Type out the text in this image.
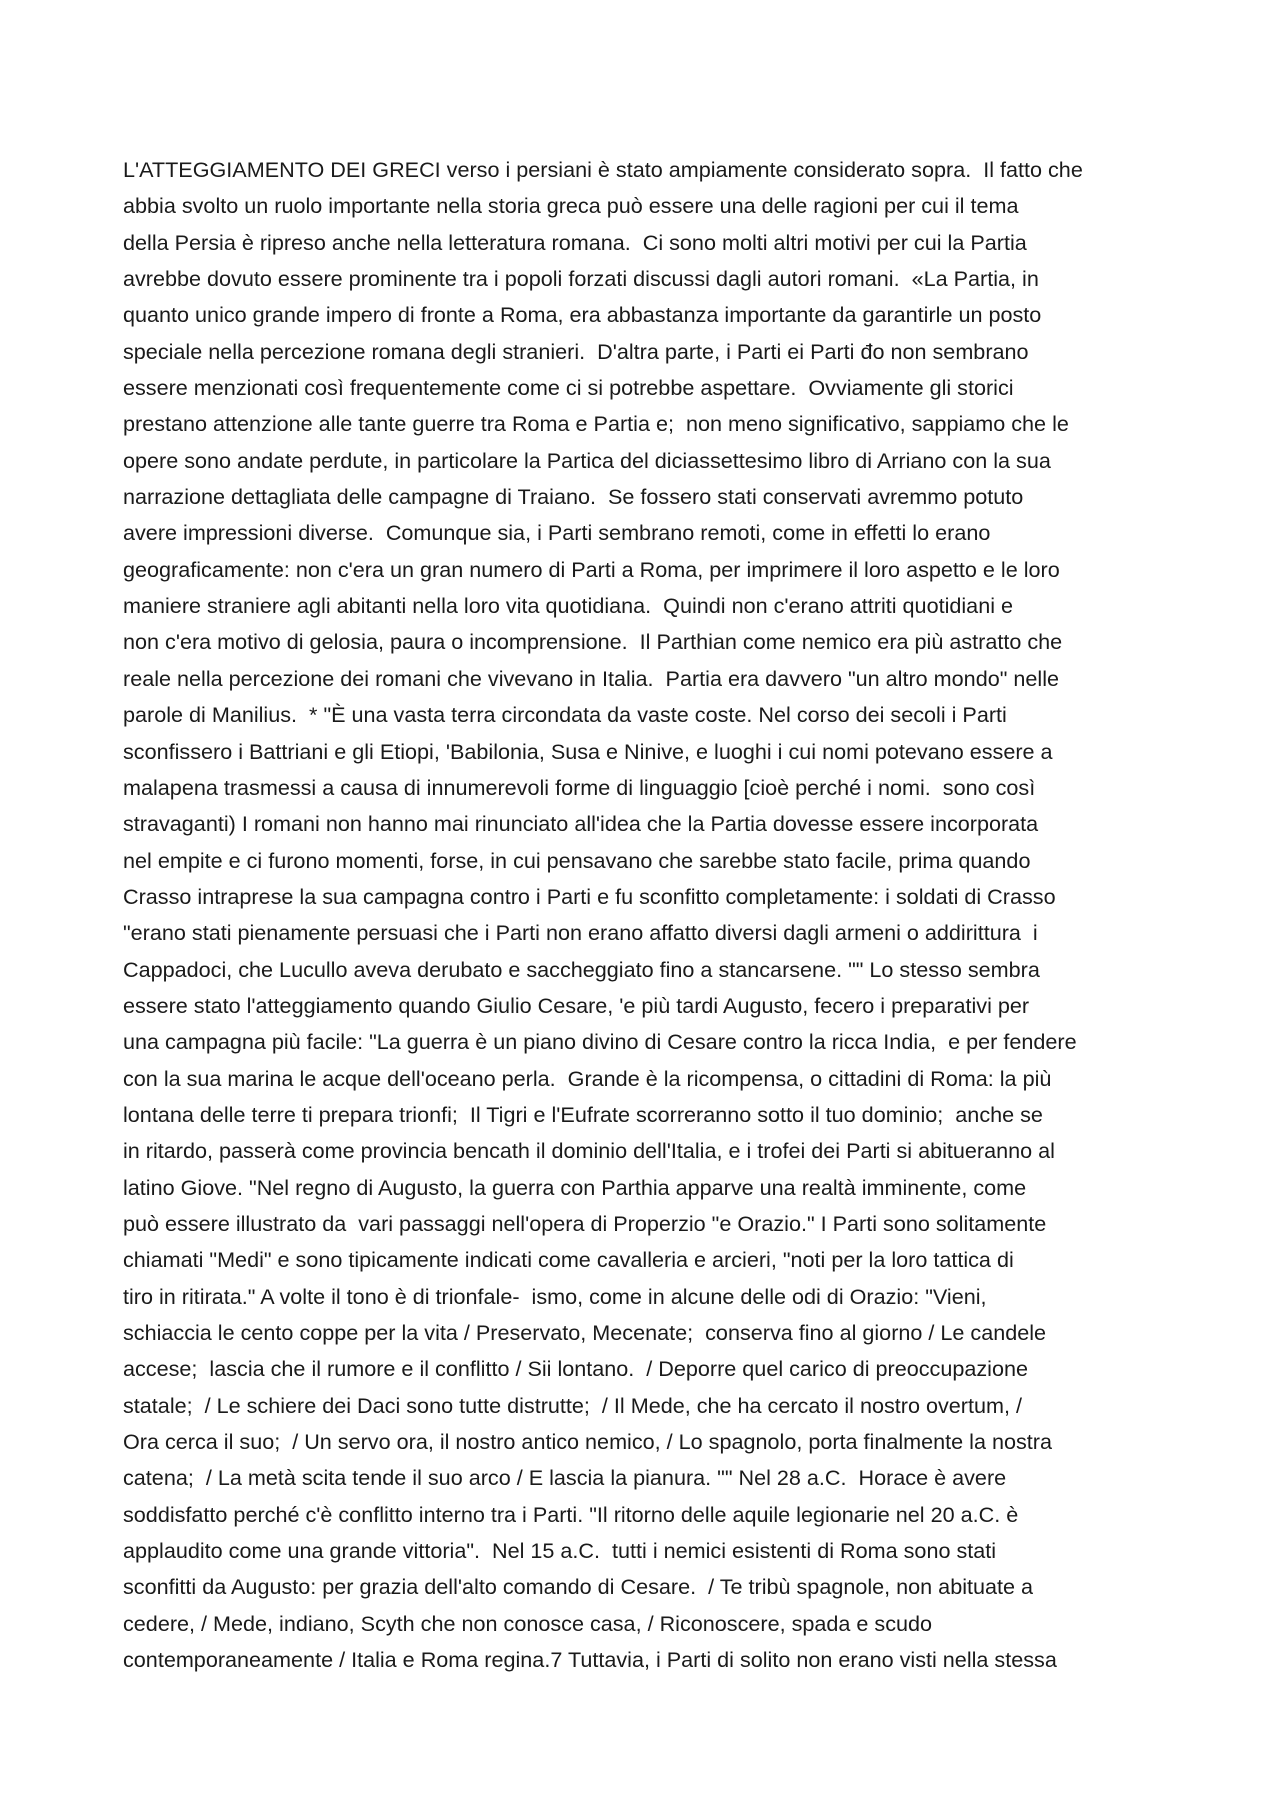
L'ATTEGGIAMENTO DEI GRECI verso i persiani è stato ampiamente considerato sopra.  Il fatto che
abbia svolto un ruolo importante nella storia greca può essere una delle ragioni per cui il tema
della Persia è ripreso anche nella letteratura romana.  Ci sono molti altri motivi per cui la Partia
avrebbe dovuto essere prominente tra i popoli forzati discussi dagli autori romani.  «La Partia, in
quanto unico grande impero di fronte a Roma, era abbastanza importante da garantirle un posto
speciale nella percezione romana degli stranieri.  D'altra parte, i Parti ei Parti đo non sembrano
essere menzionati così frequentemente come ci si potrebbe aspettare.  Ovviamente gli storici
prestano attenzione alle tante guerre tra Roma e Partia e;  non meno significativo, sappiamo che le
opere sono andate perdute, in particolare la Partica del diciassettesimo libro di Arriano con la sua
narrazione dettagliata delle campagne di Traiano.  Se fossero stati conservati avremmo potuto
avere impressioni diverse.  Comunque sia, i Parti sembrano remoti, come in effetti lo erano
geograficamente: non c'era un gran numero di Parti a Roma, per imprimere il loro aspetto e le loro
maniere straniere agli abitanti nella loro vita quotidiana.  Quindi non c'erano attriti quotidiani e
non c'era motivo di gelosia, paura o incomprensione.  Il Parthian come nemico era più astratto che
reale nella percezione dei romani che vivevano in Italia.  Partia era davvero "un altro mondo" nelle
parole di Manilius.  * "È una vasta terra circondata da vaste coste. Nel corso dei secoli i Parti
sconfissero i Battriani e gli Etiopi, 'Babilonia, Susa e Ninive, e luoghi i cui nomi potevano essere a
malapena trasmessi a causa di innumerevoli forme di linguaggio [cioè perché i nomi.  sono così
stravaganti) I romani non hanno mai rinunciato all'idea che la Partia dovesse essere incorporata
nel empite e ci furono momenti, forse, in cui pensavano che sarebbe stato facile, prima quando
Crasso intraprese la sua campagna contro i Parti e fu sconfitto completamente: i soldati di Crasso
"erano stati pienamente persuasi che i Parti non erano affatto diversi dagli armeni o addirittura  i
Cappadoci, che Lucullo aveva derubato e saccheggiato fino a stancarsene. "" Lo stesso sembra
essere stato l'atteggiamento quando Giulio Cesare, 'e più tardi Augusto, fecero i preparativi per
una campagna più facile: "La guerra è un piano divino di Cesare contro la ricca India,  e per fendere
con la sua marina le acque dell'oceano perla.  Grande è la ricompensa, o cittadini di Roma: la più
lontana delle terre ti prepara trionfi;  Il Tigri e l'Eufrate scorreranno sotto il tuo dominio;  anche se
in ritardo, passerà come provincia bencath il dominio dell'Italia, e i trofei dei Parti si abitueranno al
latino Giove. "Nel regno di Augusto, la guerra con Parthia apparve una realtà imminente, come
può essere illustrato da  vari passaggi nell'opera di Properzio "e Orazio." I Parti sono solitamente
chiamati "Medi" e sono tipicamente indicati come cavalleria e arcieri, "noti per la loro tattica di
tiro in ritirata." A volte il tono è di trionfale-  ismo, come in alcune delle odi di Orazio: "Vieni,
schiaccia le cento coppe per la vita / Preservato, Mecenate;  conserva fino al giorno / Le candele
accese;  lascia che il rumore e il conflitto / Sii lontano.  / Deporre quel carico di preoccupazione
statale;  / Le schiere dei Daci sono tutte distrutte;  / Il Mede, che ha cercato il nostro overtum, /
Ora cerca il suo;  / Un servo ora, il nostro antico nemico, / Lo spagnolo, porta finalmente la nostra
catena;  / La metà scita tende il suo arco / E lascia la pianura. "" Nel 28 a.C.  Horace è avere
soddisfatto perché c'è conflitto interno tra i Parti. "Il ritorno delle aquile legionarie nel 20 a.C. è
applaudito come una grande vittoria".  Nel 15 a.C.  tutti i nemici esistenti di Roma sono stati
sconfitti da Augusto: per grazia dell'alto comando di Cesare.  / Te tribù spagnole, non abituate a
cedere, / Mede, indiano, Scyth che non conosce casa, / Riconoscere, spada e scudo
contemporaneamente / Italia e Roma regina.7 Tuttavia, i Parti di solito non erano visti nella stessa
